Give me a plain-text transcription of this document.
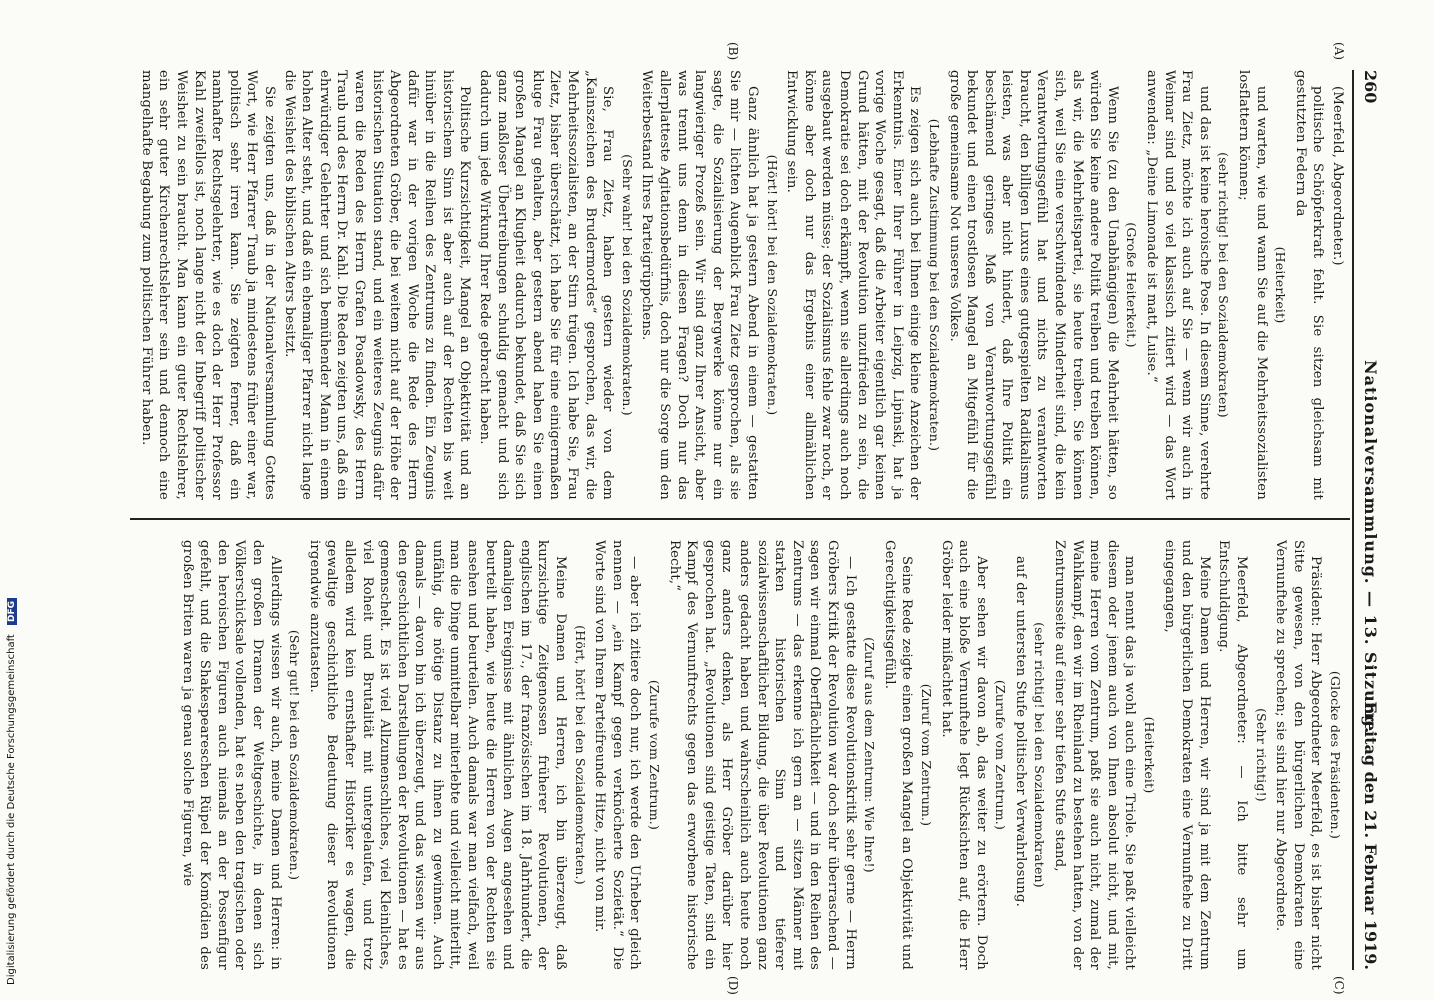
260
Nationalversammlung. — 13. Sitzung.
Freitag den 21. Februar 1919.

(Meerfeld, Abgeordneter.)

politische Schöpferkraft fehlt. Sie sitzen gleichsam mit gestutzten Federn da

(Heiterkeit)

und warten, wie und wann Sie auf die Mehrheitssozialisten losflattern können;

(sehr richtig! bei den Sozialdemokraten)

und das ist keine heroische Pose. In diesem Sinne, verehrte Frau Zietz, möchte ich auch auf Sie — wenn wir auch in Weimar sind und so viel klassisch zitiert wird — das Wort anwenden: „Deine Limonade ist matt, Luise.“

(Große Heiterkeit.)

Wenn Sie (zu den Unabhängigen) die Mehrheit hätten, so würden Sie keine andere Politik treiben und treiben können, als wir, die Mehrheitspartei, sie heute treiben. Sie können sich, weil Sie eine verschwindende Minderheit sind, die kein Verantwortungsgefühl hat und nichts zu verantworten braucht, den billigen Luxus eines gutgespielten Radikalismus leisten, was aber nicht hindert, daß Ihre Politik ein beschämend geringes Maß von Verantwortungsgefühl bekundet und einen trostlosen Mangel an Mitgefühl für die große gemeinsame Not unseres Volkes.

(Lebhafte Zustimmung bei den Sozialdemokraten.)

Es zeigen sich auch bei Ihnen einige kleine Anzeichen der Erkenntnis. Einer Ihrer Führer in Leipzig, Lipinski, hat ja vorige Woche gesagt, daß die Arbeiter eigentlich gar keinen Grund hätten, mit der Revolution unzufrieden zu sein, die Demokratie sei doch erkämpft, wenn sie allerdings auch noch ausgebaut werden müsse; der Sozialismus fehle zwar noch, er könne aber doch nur das Ergebnis einer allmählichen Entwicklung sein.

(Hört! hört! bei den Sozialdemokraten.)

Ganz ähnlich hat ja gestern Abend in einem — gestatten Sie mir — lichten Augenblick Frau Zietz gesprochen, als sie sagte, die Sozialisierung der Bergwerke könne nur ein langwieriger Prozeß sein. Wir sind ganz Ihrer Ansicht, aber was trennt uns denn in diesen Fragen? Doch nur das allerplatteste Agitationsbedürfnis, doch nur die Sorge um den Weiterbestand Ihres Parteigrüppchens.

(Sehr wahr! bei den Sozialdemokraten.)

Sie, Frau Zietz, haben gestern wieder von dem „Kainszeichen des Brudermordes“ gesprochen, das wir, die Mehrheitssozialisten, an der Stirn trügen. Ich habe Sie, Frau Zietz, bisher überschätzt, ich habe Sie für eine einigermaßen kluge Frau gehalten, aber gestern abend haben Sie einen großen Mangel an Klugheit dadurch bekundet, daß Sie sich ganz maßloser Übertreibungen schuldig gemacht und sich dadurch um jede Wirkung Ihrer Rede gebracht haben.

Politische Kurzsichtigkeit, Mangel an Objektivität und an historischem Sinn ist aber auch auf der Rechten bis weit hinüber in die Reihen des Zentrums zu finden. Ein Zeugnis dafür war in der vorigen Woche die Rede des Herrn Abgeordneten Gröber, die bei weitem nicht auf der Höhe der historischen Situation stand, und ein weiteres Zeugnis dafür waren die Reden des Herrn Grafen Posadowsky, des Herrn Traub und des Herrn Dr. Kahl. Die Reden zeigten uns, daß ein ehrwürdiger Gelehrter und sich bemühender Mann in einem hohen Alter steht, und daß ein ehemaliger Pfarrer nicht lange die Weisheit des biblischen Alters besitzt.

Sie zeigten uns, daß in der Nationalversammlung Gottes Wort, wie Herr Pfarrer Traub ja mindestens früher einer war, politisch sehr irren kann. Sie zeigten ferner, daß ein namhafter Rechtsgelehrter, wie es doch der Herr Professor Kahl zweifellos ist, noch lange nicht der Inbegriff politischer Weisheit zu sein braucht. Man kann ein guter Rechtslehrer, ein sehr guter Kirchenrechtslehrer sein und dennoch eine mangelhafte Begabung zum politischen Führer haben.

(Glocke des Präsidenten.)

Präsident: Herr Abgeordneter Meerfeld, es ist bisher nicht Sitte gewesen, von den bürgerlichen Demokraten eine Vernunftehe zu sprechen; sie sind hier nur Abgeordnete.

(Sehr richtig!)

Meerfeld, Abgeordneter: — Ich bitte sehr um Entschuldigung.

Meine Damen und Herren, wir sind ja mit dem Zentrum und den bürgerlichen Demokraten eine Vernunftehe zu Dritt eingegangen,

(Heiterkeit)

man nennt das ja wohl auch eine Triole. Sie paßt vielleicht diesem oder jenem auch von Ihnen absolut nicht, und mit, meine Herren vom Zentrum, paßt sie auch nicht, zumal der Wahlkampf, den wir im Rheinland zu bestehen hatten, von der Zentrumsseite auf einer sehr tiefen Stufe stand,

(sehr richtig! bei den Sozialdemokraten)

auf der untersten Stufe politischer Verwahrlosung.

(Zurufe vom Zentrum.)

Aber sehen wir davon ab, das weiter zu erörtern. Doch auch eine bloße Vernunftehe legt Rücksichten auf, die Herr Gröber leider mißachtet hat.

(Zuruf vom Zentrum.)

Seine Rede zeigte einen großen Mangel an Objektivität und Gerechtigkeitsgefühl.

(Zuruf aus dem Zentrum: Wie Ihre!)

— Ich gestatte diese Revolutionskritik sehr gerne — Herrn Gröbers Kritik der Revolution war doch sehr überraschend — sagen wir einmal Oberflächlichkeit — und in den Reihen des Zentrums — das erkenne ich gern an — sitzen Männer mit starken historischen Sinn und tieferer sozialwissenschaftlicher Bildung, die über Revolutionen ganz anders gedacht haben und wahrscheinlich auch heute noch ganz anders denken, als Herr Gröber darüber hier gesprochen hat. „Revolutionen sind geistige Taten, sind ein Kampf des Vernunftrechts gegen das erworbene historische Recht,“

(Zurufe vom Zentrum.)

— aber ich zitiere doch nur, ich werde den Urheber gleich nennen — „ein Kampf gegen verknöcherte Sozietät.“ Die Worte sind von Ihrem Parteifreunde Hitze, nicht von mir.

(Hört, hört! bei den Sozialdemokraten.)

Meine Damen und Herren, ich bin überzeugt, daß kurzsichtige Zeitgenossen früherer Revolutionen, der englischen im 17., der französischen im 18. Jahrhundert, die damaligen Ereignisse mit ähnlichen Augen angesehen und beurteilt haben, wie heute die Herren von der Rechten sie ansehen und beurteilen. Auch damals war man vielfach, weil man die Dinge unmittelbar miterlebte und vielleicht miterlitt, unfähig, die nötige Distanz zu ihnen zu gewinnen. Auch damals — davon bin ich überzeugt, und das wissen wir aus den geschichtlichen Darstellungen der Revolutionen — hat es gemenschelt. Es ist viel Allzumenschliches, viel Kleinliches, viel Roheit und Brutalität mit untergelaufen, und trotz alledem wird kein ernsthafter Historiker es wagen, die gewaltige geschichtliche Bedeutung dieser Revolutionen irgendwie anzutasten.

(Sehr gut! bei den Sozialdemokraten.)

Allerdings wissen wir auch, meine Damen und Herren: in den großen Dramen der Weltgeschichte, in denen sich Völkerschicksale vollenden, hat es neben den tragischen oder den heroischen Figuren auch niemals an der Possenfigur gefehlt, und die Shakespeareschen Rüpel der Komödien des großen Briten waren ja genau solche Figuren, wie

(A)
(B)
(C)
(D)
Digitalisierung gefördert durch die Deutsche Forschungsgemeinschaft DFG
